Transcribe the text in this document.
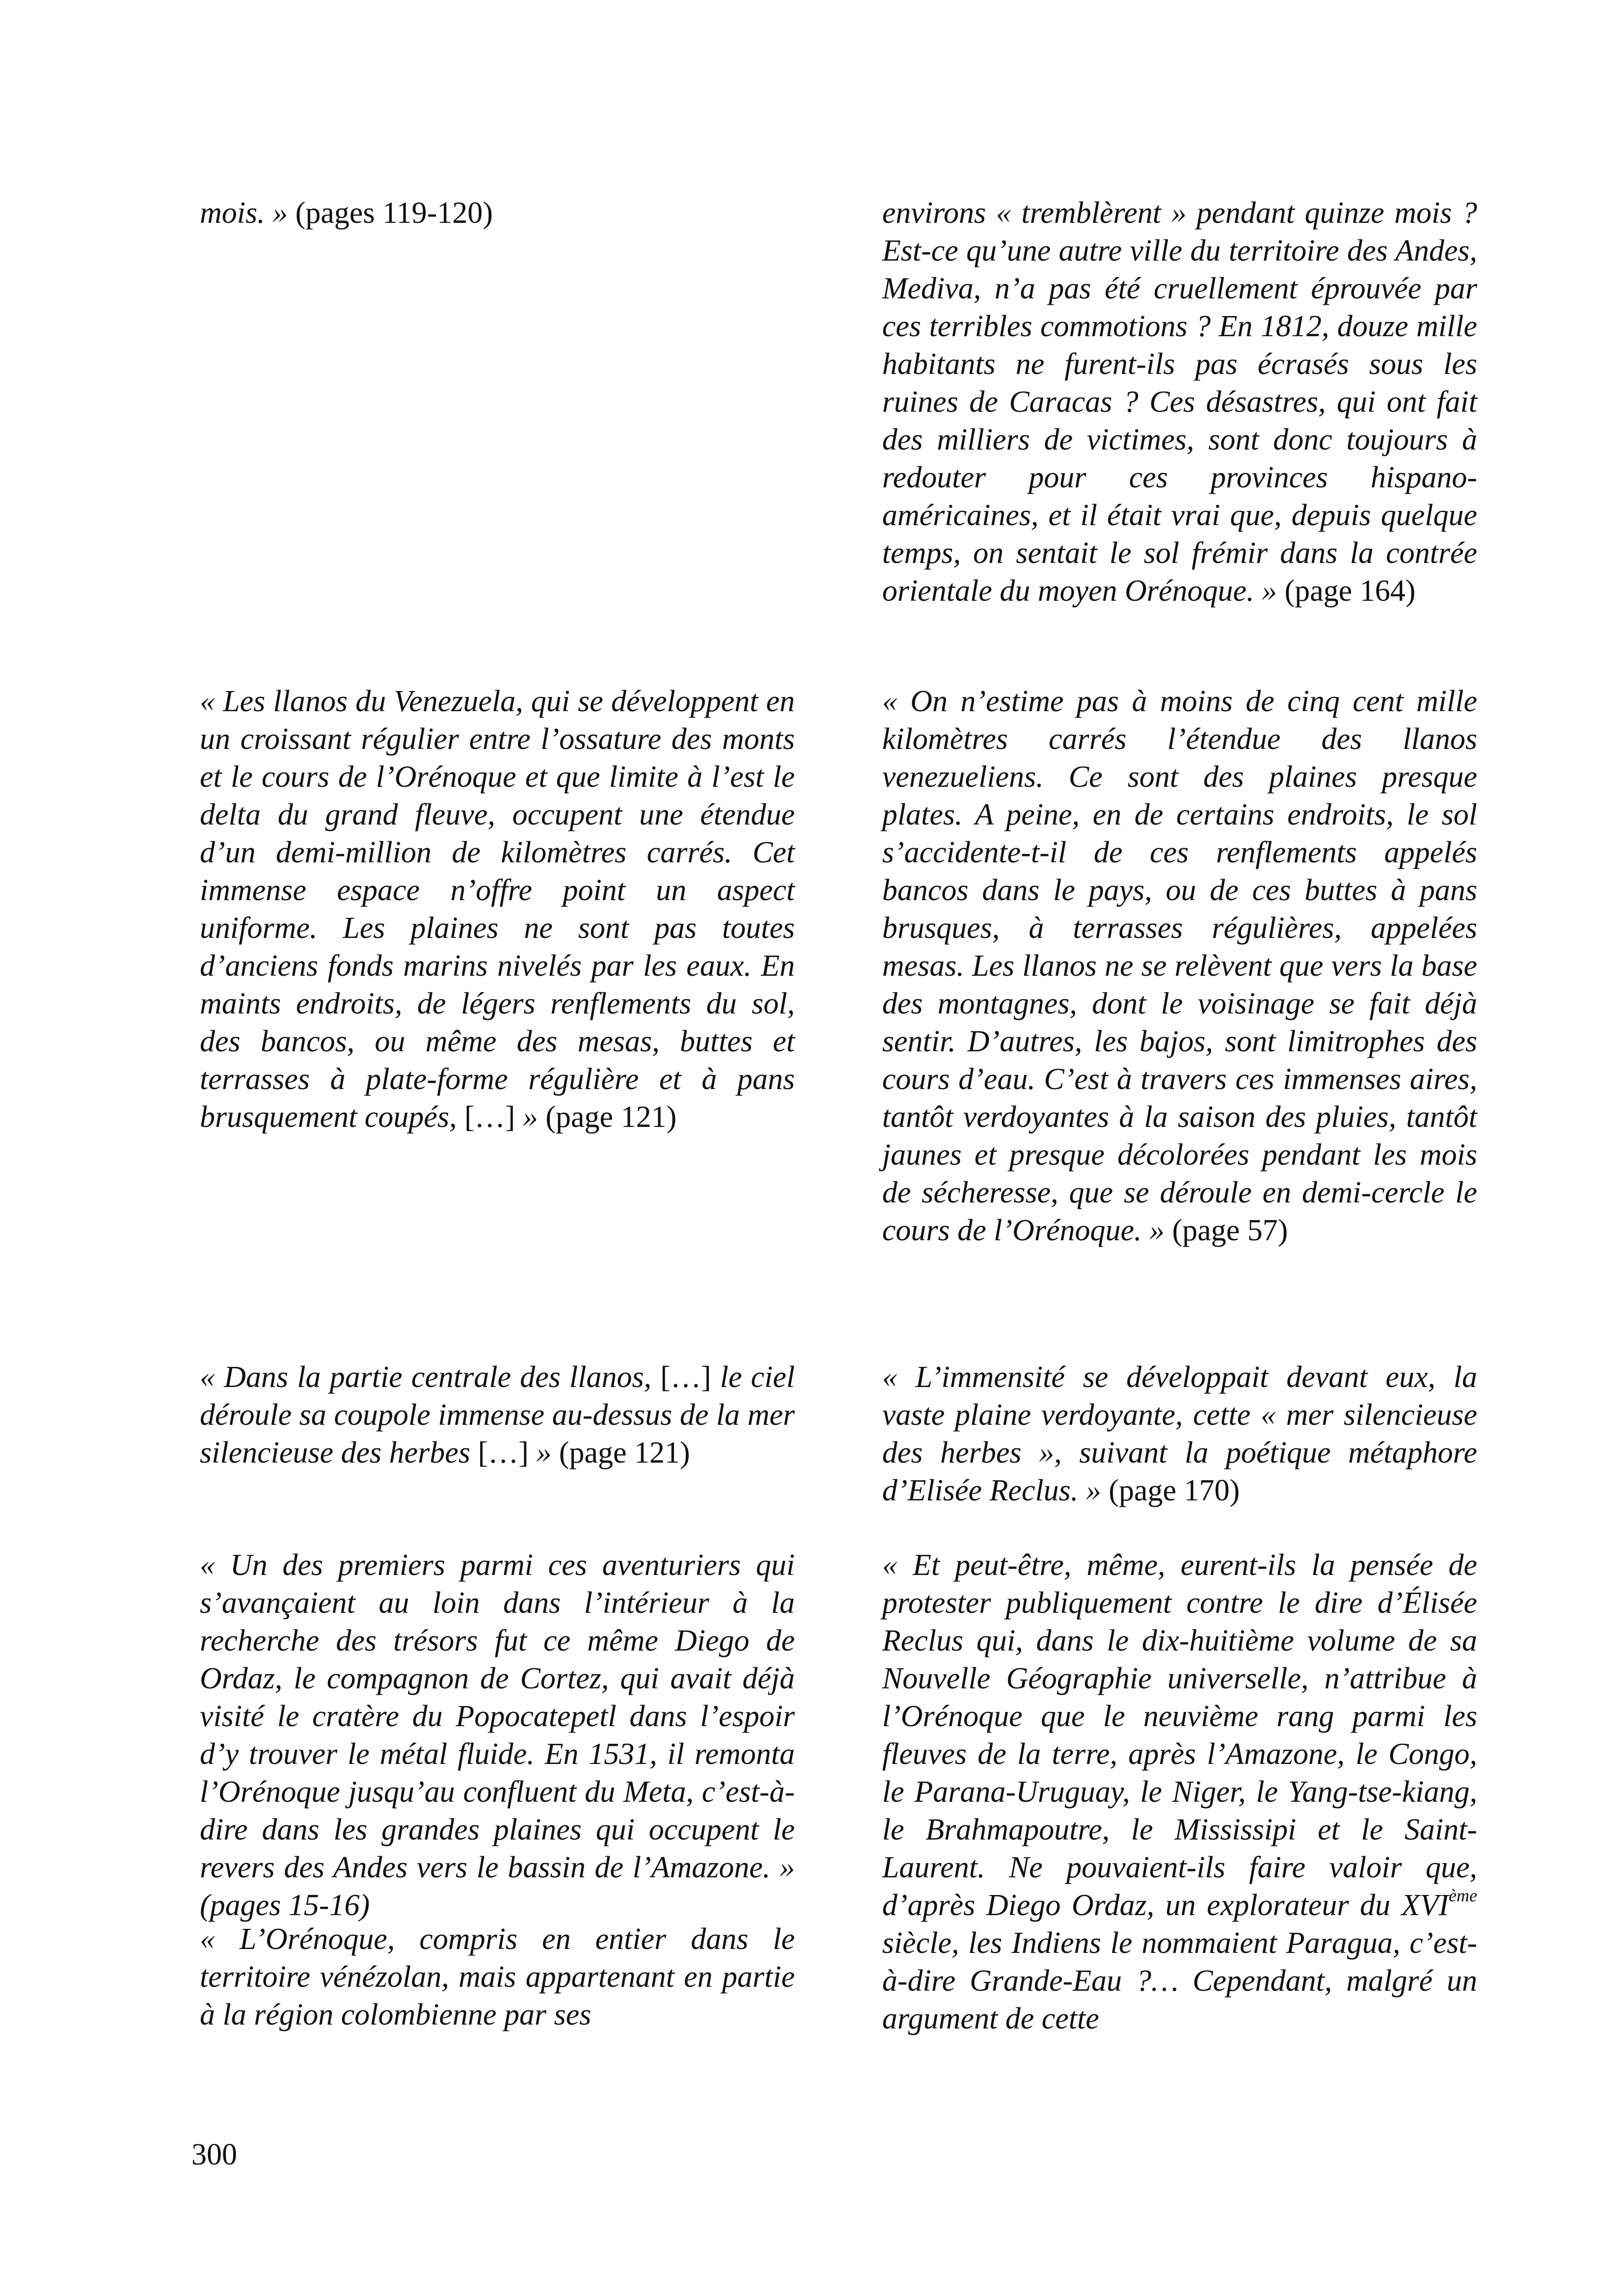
mois. » (pages 119-120)

« Les llanos du Venezuela, qui se développent en un croissant régulier entre l’ossature des monts et le cours de l’Orénoque et que limite à l’est le delta du grand fleuve, occupent une étendue d’un demi-million de kilomètres carrés. Cet immense espace n’offre point un aspect uniforme. Les plaines ne sont pas toutes d’anciens fonds marins nivelés par les eaux. En maints endroits, de légers renflements du sol, des bancos, ou même des mesas, buttes et terrasses à plate-forme régulière et à pans brusquement coupés, […] » (page 121)

« Dans la partie centrale des llanos, […] le ciel déroule sa coupole immense au-dessus de la mer silencieuse des herbes […] » (page 121)

« Un des premiers parmi ces aventuriers qui s’avançaient au loin dans l’intérieur à la recherche des trésors fut ce même Diego de Ordaz, le compagnon de Cortez, qui avait déjà visité le cratère du Popocatepetl dans l’espoir d’y trouver le métal fluide. En 1531, il remonta l’Orénoque jusqu’au confluent du Meta, c’est-à-dire dans les grandes plaines qui occupent le revers des Andes vers le bassin de l’Amazone. » (pages 15-16)

« L’Orénoque, compris en entier dans le territoire vénézolan, mais appartenant en partie à la région colombienne par ses

environs « tremblèrent » pendant quinze mois ? Est-ce qu’une autre ville du territoire des Andes, Mediva, n’a pas été cruellement éprouvée par ces terribles commotions ? En 1812, douze mille habitants ne furent-ils pas écrasés sous les ruines de Caracas ? Ces désastres, qui ont fait des milliers de victimes, sont donc toujours à redouter pour ces provinces hispano-américaines, et il était vrai que, depuis quelque temps, on sentait le sol frémir dans la contrée orientale du moyen Orénoque. » (page 164)

« On n’estime pas à moins de cinq cent mille kilomètres carrés l’étendue des llanos venezueliens. Ce sont des plaines presque plates. A peine, en de certains endroits, le sol s’accidente-t-il de ces renflements appelés bancos dans le pays, ou de ces buttes à pans brusques, à terrasses régulières, appelées mesas. Les llanos ne se relèvent que vers la base des montagnes, dont le voisinage se fait déjà sentir. D’autres, les bajos, sont limitrophes des cours d’eau. C’est à travers ces immenses aires, tantôt verdoyantes à la saison des pluies, tantôt jaunes et presque décolorées pendant les mois de sécheresse, que se déroule en demi-cercle le cours de l’Orénoque. » (page 57)

« L’immensité se développait devant eux, la vaste plaine verdoyante, cette « mer silencieuse des herbes », suivant la poétique métaphore d’Elisée Reclus. » (page 170)

« Et peut-être, même, eurent-ils la pensée de protester publiquement contre le dire d’Élisée Reclus qui, dans le dix-huitième volume de sa Nouvelle Géographie universelle, n’attribue à l’Orénoque que le neuvième rang parmi les fleuves de la terre, après l’Amazone, le Congo, le Parana-Uruguay, le Niger, le Yang-tse-kiang, le Brahmapoutre, le Mississipi et le Saint-Laurent. Ne pouvaient-ils faire valoir que, d’après Diego Ordaz, un explorateur du XVIème siècle, les Indiens le nommaient Paragua, c’est-à-dire Grande-Eau ?… Cependant, malgré un argument de cette

300
